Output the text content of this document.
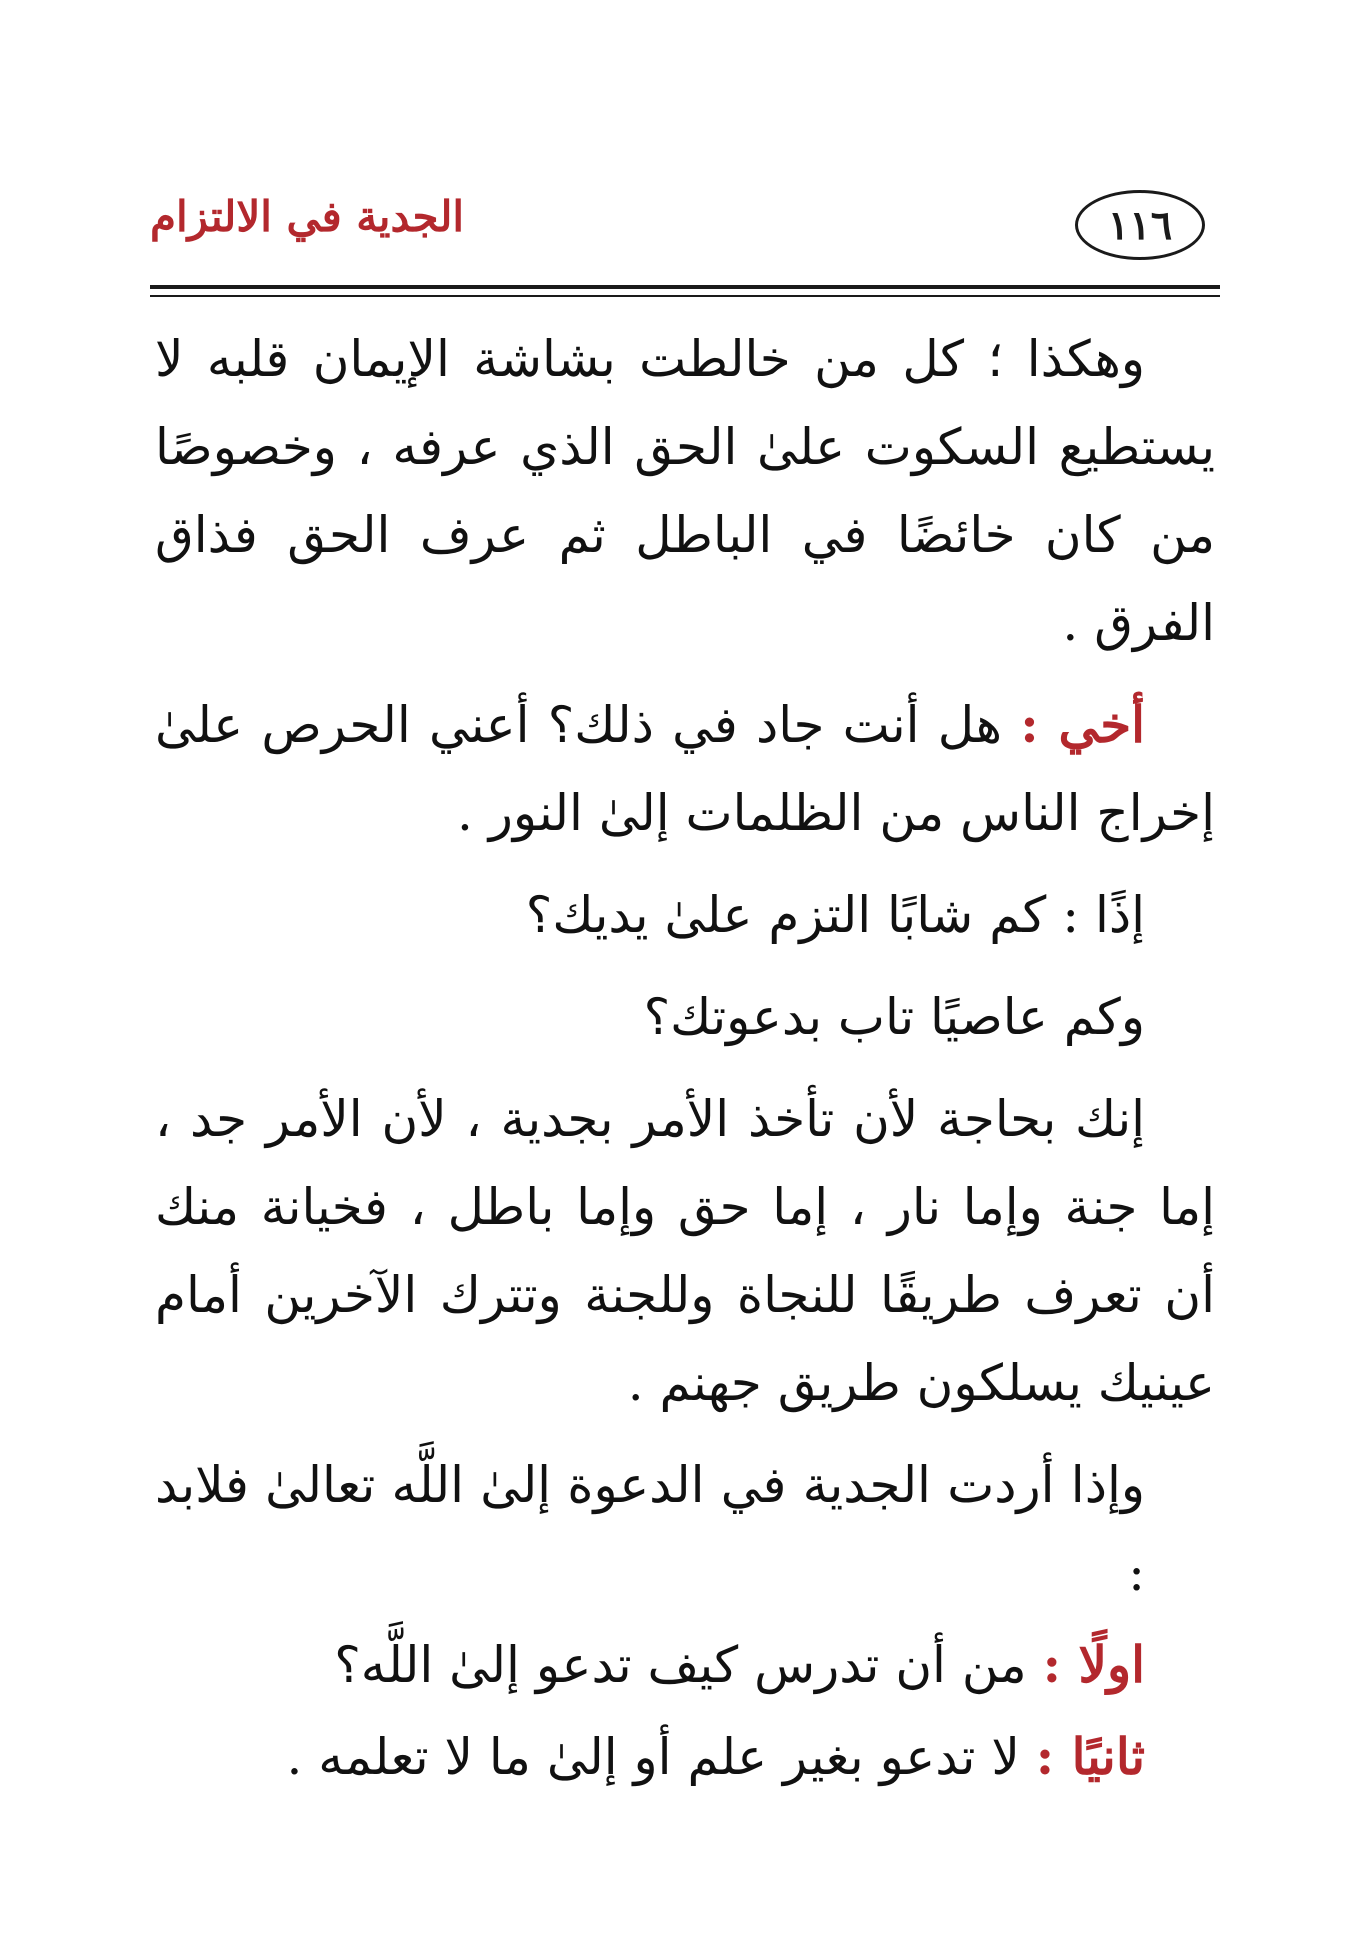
الجدية في الالتزام	١١٦

وهكذا ؛ كل من خالطت بشاشة الإيمان قلبه لا يستطيع السكوت علىٰ الحق الذي عرفه ، وخصوصًا من كان خائضًا في الباطل ثم عرف الحق فذاق الفرق .

أخي : هل أنت جاد في ذلك؟ أعني الحرص علىٰ إخراج الناس من الظلمات إلىٰ النور .

إذًا : كم شابًا التزم علىٰ يديك؟

وكم عاصيًا تاب بدعوتك؟

إنك بحاجة لأن تأخذ الأمر بجدية ، لأن الأمر جد ، إما جنة وإما نار ، إما حق وإما باطل ، فخيانة منك أن تعرف طريقًا للنجاة وللجنة وتترك الآخرين أمام عينيك يسلكون طريق جهنم .

وإذا أردت الجدية في الدعوة إلىٰ اللَّه تعالىٰ فلابد :

اولًا : من أن تدرس كيف تدعو إلىٰ اللَّه؟

ثانيًا : لا تدعو بغير علم أو إلىٰ ما لا تعلمه .
